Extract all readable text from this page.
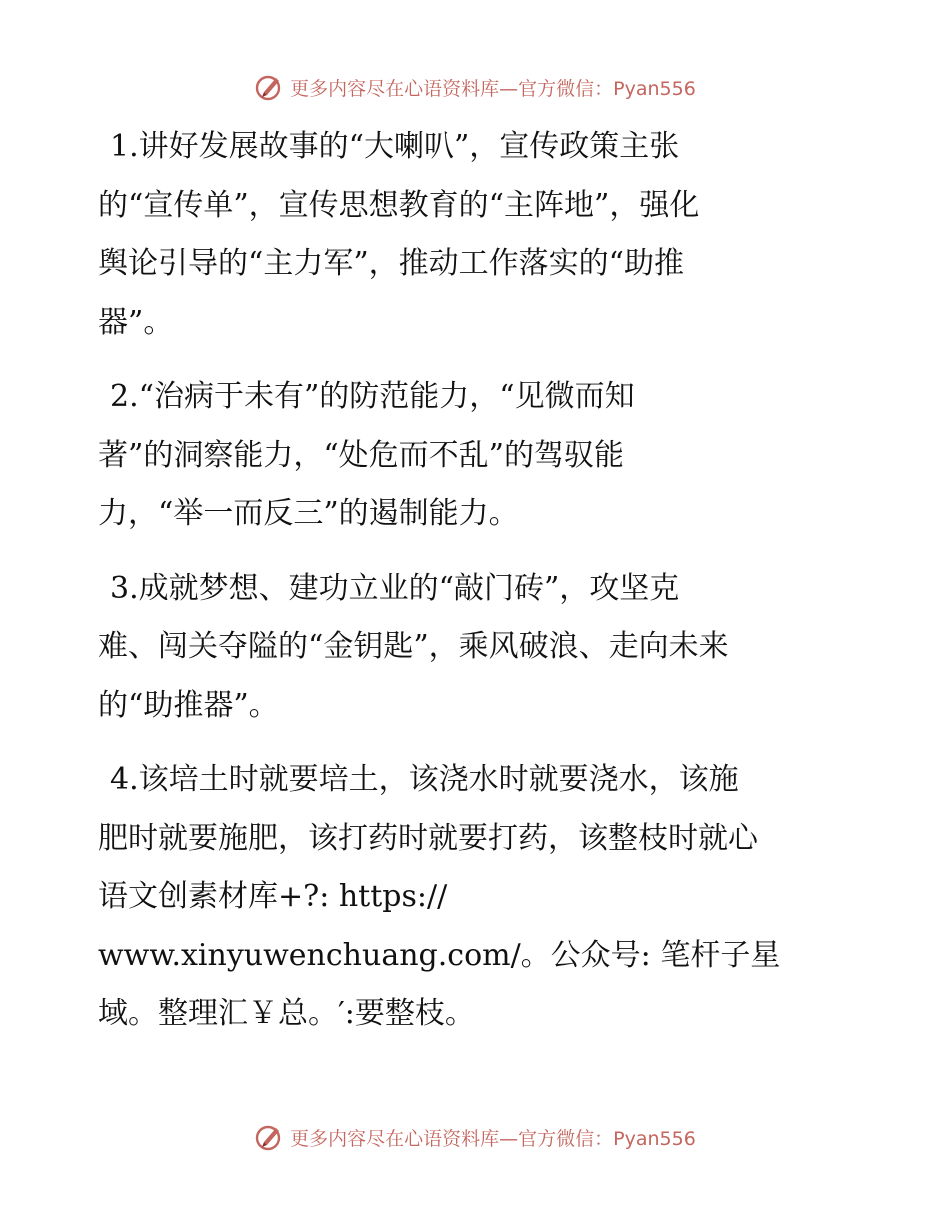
更多内容尽在心语资料库—官方微信：Pyan556
1.讲好发展故事的“大喇叭”，宣传政策主张
的“宣传单”，宣传思想教育的“主阵地”，强化
舆论引导的“主力军”，推动工作落实的“助推
器”。
2.“治病于未有”的防范能力，“见微而知
著”的洞察能力，“处危而不乱”的驾驭能
力，“举一而反三”的遏制能力。
3.成就梦想、建功立业的“敲门砖”，攻坚克
难、闯关夺隘的“金钥匙”，乘风破浪、走向未来
的“助推器”。
4.该培土时就要培土，该浇水时就要浇水，该施
肥时就要施肥，该打药时就要打药，该整枝时就心
语文创素材库+?: https://
www.xinyuwenchuang.com/。公众号: 笔杆子星
域。整理汇￥总。′:要整枝。
更多内容尽在心语资料库—官方微信：Pyan556
